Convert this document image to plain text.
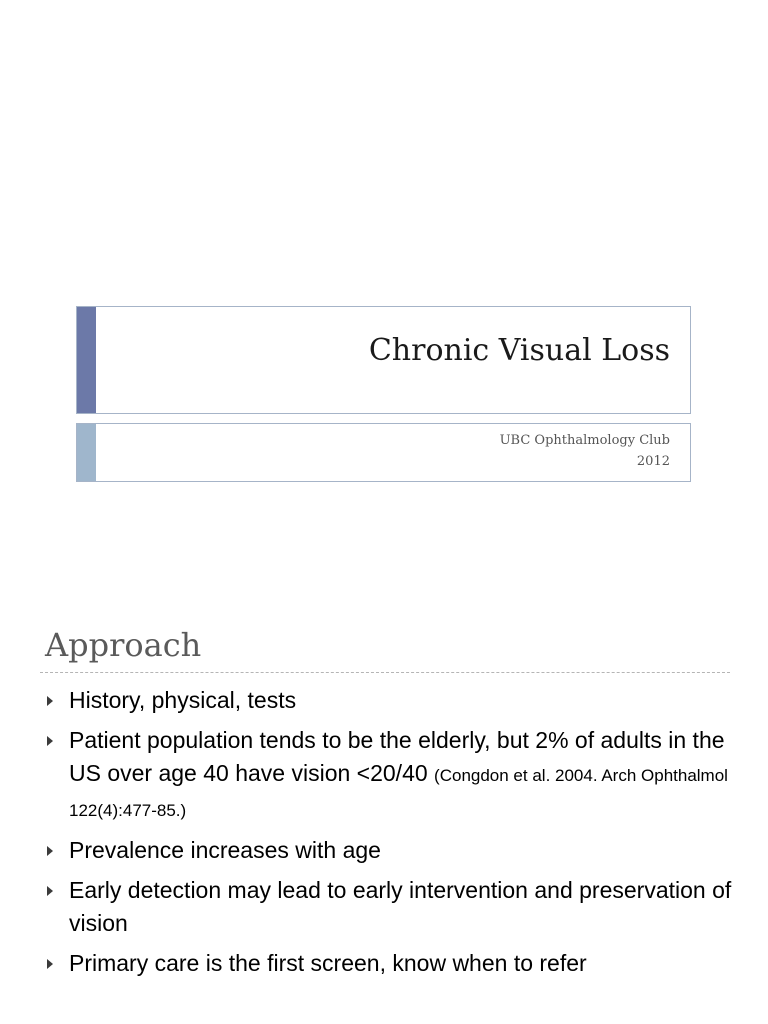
Chronic Visual Loss
UBC Ophthalmology Club
2012
Approach
History, physical, tests
Patient population tends to be the elderly, but 2% of adults in the US over age 40 have vision <20/40 (Congdon et al. 2004. Arch Ophthalmol 122(4):477-85.)
Prevalence increases with age
Early detection may lead to early intervention and preservation of vision
Primary care is the first screen, know when to refer
